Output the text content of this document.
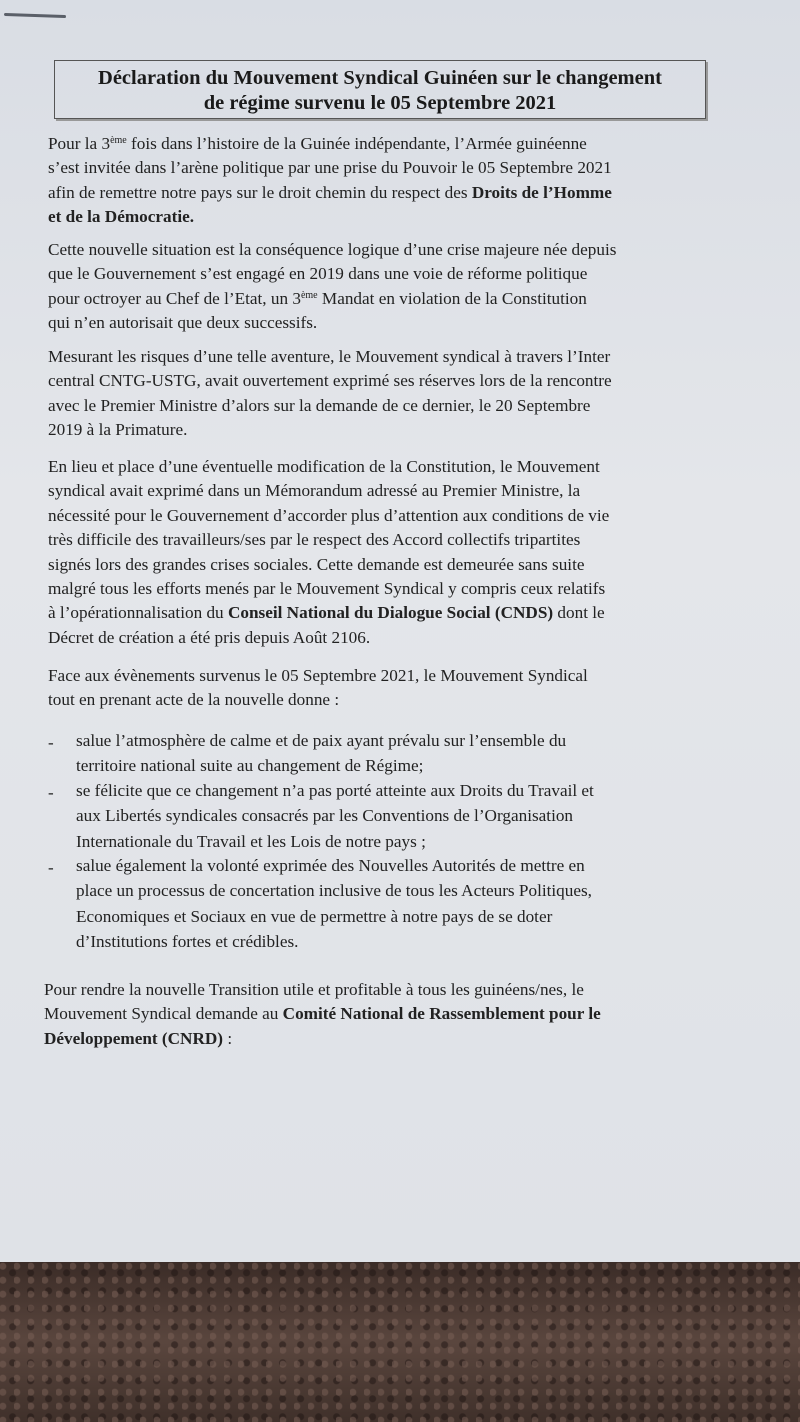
Déclaration du Mouvement Syndical Guinéen sur le changement
de régime survenu le 05 Septembre 2021
Pour la 3ème fois dans l’histoire de la Guinée indépendante, l’Armée guinéenne
s’est invitée dans l’arène politique par une prise du Pouvoir le 05 Septembre 2021
afin de remettre notre pays sur le droit chemin du respect des Droits de l’Homme
et de la Démocratie.
Cette nouvelle situation est la conséquence logique d’une crise majeure née depuis
que le Gouvernement s’est engagé en 2019 dans une voie de réforme politique
pour octroyer au Chef de l’Etat, un 3ème Mandat en violation de la Constitution
qui n’en autorisait que deux successifs.
Mesurant les risques d’une telle aventure, le Mouvement syndical à travers l’Inter
central CNTG-USTG, avait ouvertement exprimé ses réserves lors de la rencontre
avec le Premier Ministre d’alors sur la demande de ce dernier, le 20 Septembre
2019 à la Primature.
En lieu et place d’une éventuelle modification de la Constitution, le Mouvement
syndical avait exprimé dans un Mémorandum adressé au Premier Ministre, la
nécessité pour le Gouvernement d’accorder plus d’attention aux conditions de vie
très difficile des travailleurs/ses par le respect des Accord collectifs tripartites
signés lors des grandes crises sociales. Cette demande est demeurée sans suite
malgré tous les efforts menés par le Mouvement Syndical y compris ceux relatifs
à l’opérationnalisation du Conseil National du Dialogue Social (CNDS) dont le
Décret de création a été pris depuis Août 2106.
Face aux évènements survenus le 05 Septembre 2021, le Mouvement Syndical
tout en prenant acte de la nouvelle donne :
- salue l’atmosphère de calme et de paix ayant prévalu sur l’ensemble du
territoire national suite au changement de Régime;
- se félicite que ce changement n’a pas porté atteinte aux Droits du Travail et
aux Libertés syndicales consacrés par les Conventions de l’Organisation
Internationale du Travail et les Lois de notre pays ;
- salue également la volonté exprimée des Nouvelles Autorités de mettre en
place un processus de concertation inclusive de tous les Acteurs Politiques,
Economiques et Sociaux en vue de permettre à notre pays de se doter
d’Institutions fortes et crédibles.
Pour rendre la nouvelle Transition utile et profitable à tous les guinéens/nes, le
Mouvement Syndical demande au Comité National de Rassemblement pour le
Développement (CNRD) :
